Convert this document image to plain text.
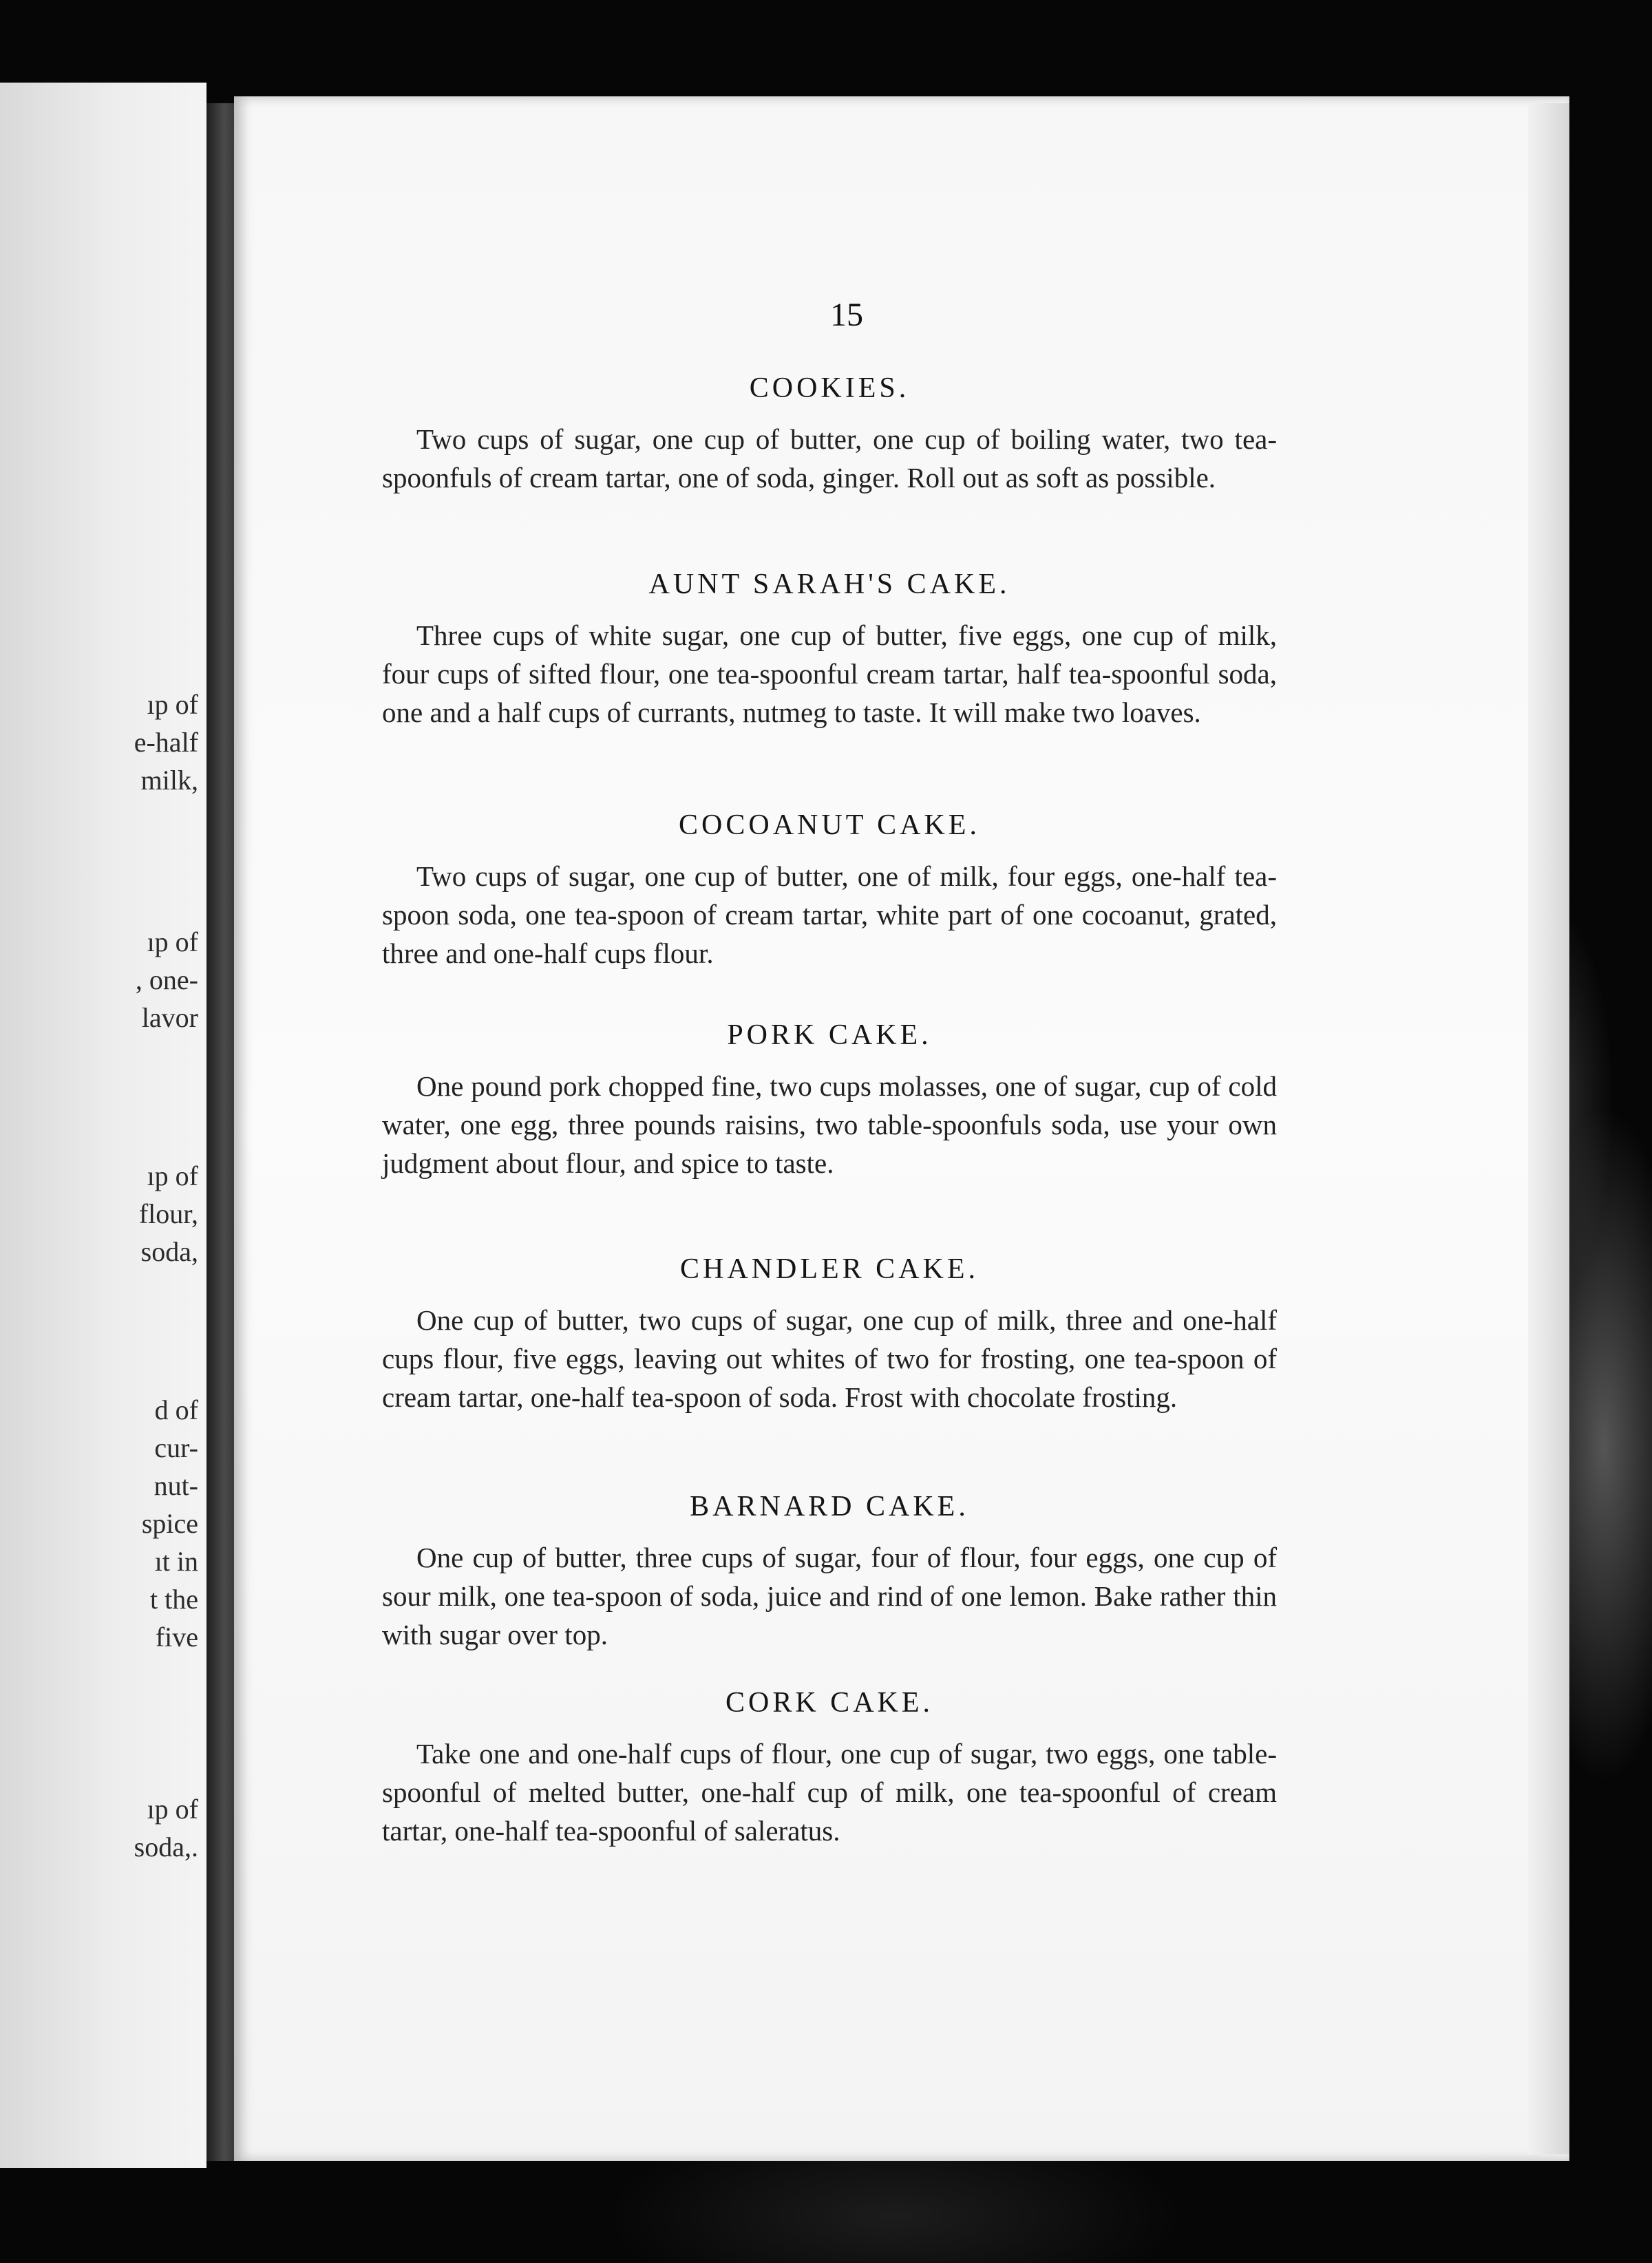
ıp of
e-half
milk,
ıp of
, one-
lavor
ıp of
flour,
soda,
d of
cur-
nut-
spice
ıt in
t the
five
ıp of
soda,.
15
COOKIES.

Two cups of sugar, one cup of butter, one cup of boiling water, two tea-spoonfuls of cream tartar, one of soda, ginger. Roll out as soft as possible.

AUNT SARAH'S CAKE.

Three cups of white sugar, one cup of butter, five eggs, one cup of milk, four cups of sifted flour, one tea-spoonful cream tartar, half tea-spoonful soda, one and a half cups of currants, nutmeg to taste. It will make two loaves.

COCOANUT CAKE.

Two cups of sugar, one cup of butter, one of milk, four eggs, one-half tea-spoon soda, one tea-spoon of cream tartar, white part of one cocoanut, grated, three and one-half cups flour.

PORK CAKE.

One pound pork chopped fine, two cups molasses, one of sugar, cup of cold water, one egg, three pounds raisins, two table-spoonfuls soda, use your own judgment about flour, and spice to taste.

CHANDLER CAKE.

One cup of butter, two cups of sugar, one cup of milk, three and one-half cups flour, five eggs, leaving out whites of two for frosting, one tea-spoon of cream tartar, one-half tea-spoon of soda. Frost with chocolate frosting.

BARNARD CAKE.

One cup of butter, three cups of sugar, four of flour, four eggs, one cup of sour milk, one tea-spoon of soda, juice and rind of one lemon. Bake rather thin with sugar over top.

CORK CAKE.

Take one and one-half cups of flour, one cup of sugar, two eggs, one table-spoonful of melted butter, one-half cup of milk, one tea-spoonful of cream tartar, one-half tea-spoonful of saleratus.
